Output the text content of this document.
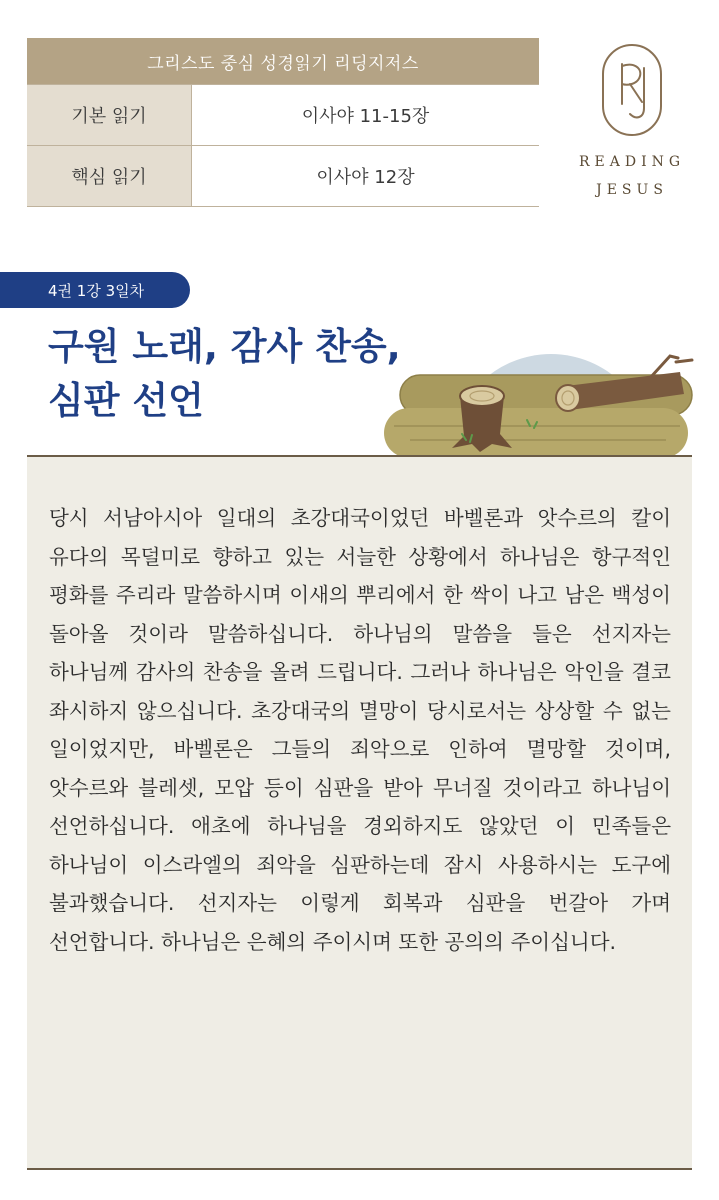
그리스도 중심 성경읽기 리딩지저스
기본 읽기	이사야 11-15장
핵심 읽기	이사야 12장
READING
JESUS
4권 1강 3일차
구원 노래, 감사 찬송,
심판 선언

당시 서남아시아 일대의 초강대국이었던 바벨론과 앗수르의 칼이 유다의 목덜미로 향하고 있는 서늘한 상황에서 하나님은 항구적인 평화를 주리라 말씀하시며 이새의 뿌리에서 한 싹이 나고 남은 백성이 돌아올 것이라 말씀하십니다. 하나님의 말씀을 들은 선지자는 하나님께 감사의 찬송을 올려 드립니다. 그러나 하나님은 악인을 결코 좌시하지 않으십니다. 초강대국의 멸망이 당시로서는 상상할 수 없는 일이었지만, 바벨론은 그들의 죄악으로 인하여 멸망할 것이며, 앗수르와 블레셋, 모압 등이 심판을 받아 무너질 것이라고 하나님이 선언하십니다. 애초에 하나님을 경외하지도 않았던 이 민족들은 하나님이 이스라엘의 죄악을 심판하는데 잠시 사용하시는 도구에 불과했습니다. 선지자는 이렇게 회복과 심판을 번갈아 가며 선언합니다. 하나님은 은혜의 주이시며 또한 공의의 주이십니다.
